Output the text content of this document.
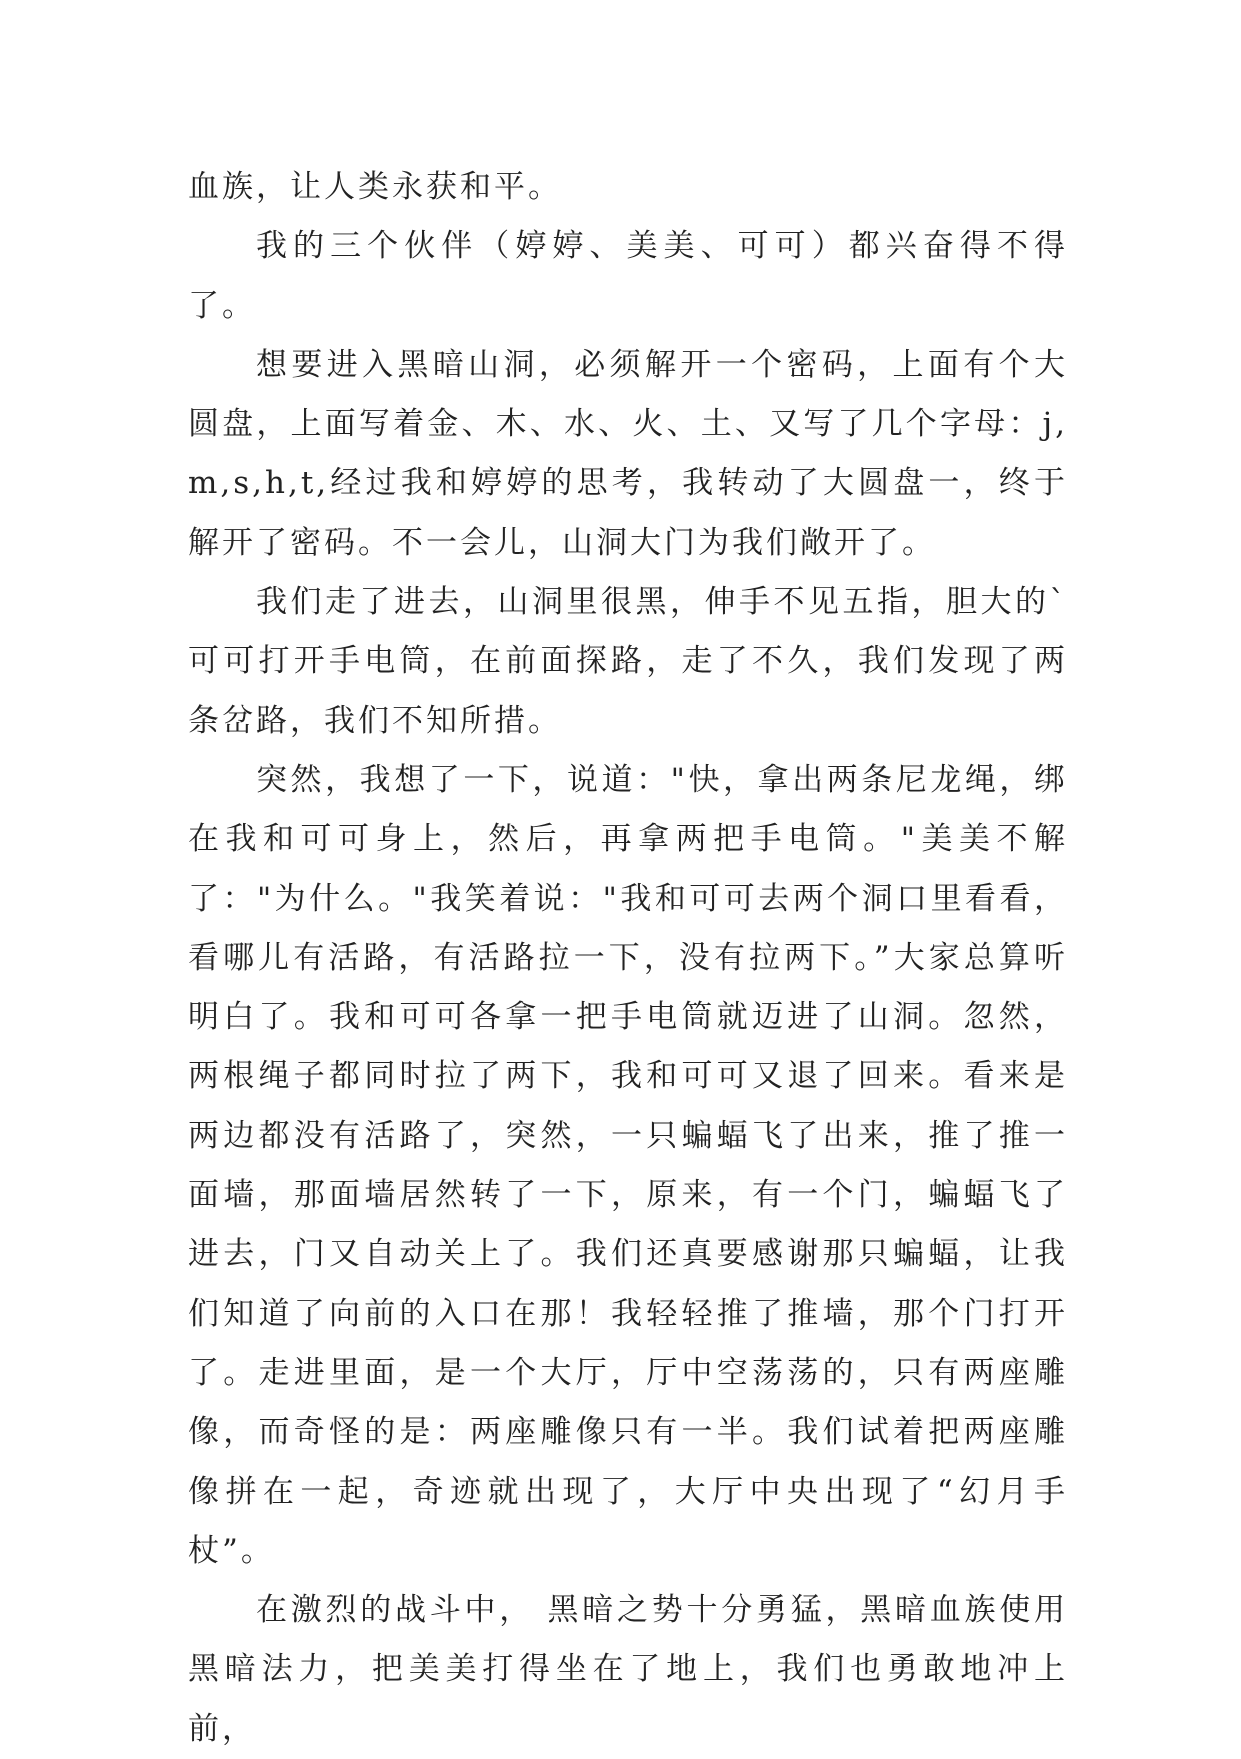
血族，让人类永获和平。

我的三个伙伴（婷婷、美美、可可）都兴奋得不得了。

想要进入黑暗山洞，必须解开一个密码，上面有个大圆盘，上面写着金、木、水、火、土、又写了几个字母：j,m,s,h,t,经过我和婷婷的思考，我转动了大圆盘一，终于解开了密码。不一会儿，山洞大门为我们敞开了。

我们走了进去，山洞里很黑，伸手不见五指，胆大的`可可打开手电筒，在前面探路，走了不久，我们发现了两条岔路，我们不知所措。

突然，我想了一下，说道："快，拿出两条尼龙绳，绑在我和可可身上，然后，再拿两把手电筒。"美美不解了："为什么。"我笑着说："我和可可去两个洞口里看看，看哪儿有活路，有活路拉一下，没有拉两下。”大家总算听明白了。我和可可各拿一把手电筒就迈进了山洞。忽然，两根绳子都同时拉了两下，我和可可又退了回来。看来是两边都没有活路了，突然，一只蝙蝠飞了出来，推了推一面墙，那面墙居然转了一下，原来，有一个门，蝙蝠飞了进去，门又自动关上了。我们还真要感谢那只蝙蝠，让我们知道了向前的入口在那！我轻轻推了推墙，那个门打开了。走进里面，是一个大厅，厅中空荡荡的，只有两座雕像，而奇怪的是：两座雕像只有一半。我们试着把两座雕像拼在一起，奇迹就出现了，大厅中央出现了“幻月手杖”。

在激烈的战斗中， 黑暗之势十分勇猛，黑暗血族使用黑暗法力，把美美打得坐在了地上，我们也勇敢地冲上前，
